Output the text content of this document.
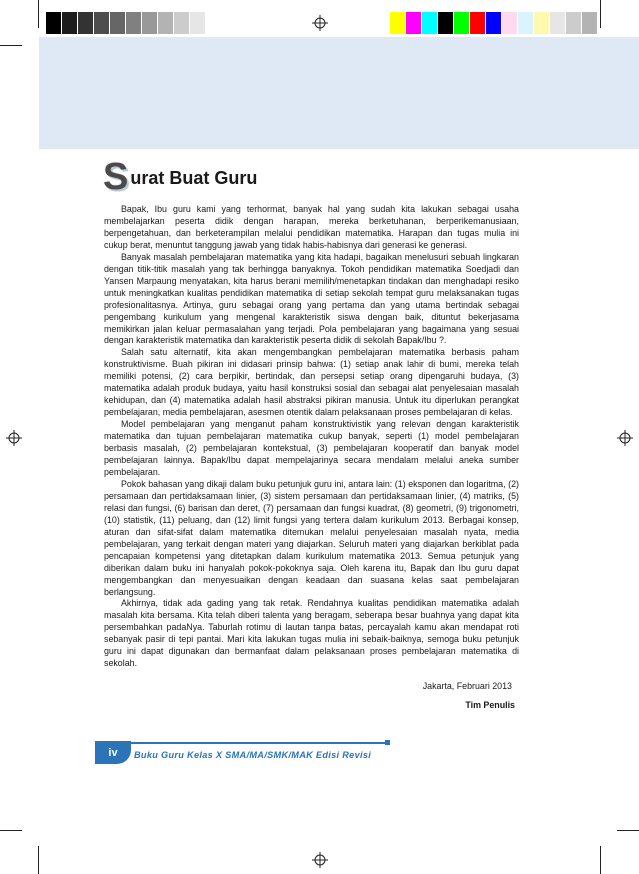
S urat Buat Guru

Bapak, Ibu guru kami yang terhormat, banyak hal yang sudah kita lakukan sebagai usaha membelajarkan peserta didik dengan harapan, mereka berketuhanan, berperikemanusiaan, berpengetahuan, dan berketerampilan melalui pendidikan matematika. Harapan dan tugas mulia ini cukup berat, menuntut tanggung jawab yang tidak habis-habisnya dari generasi ke generasi.

Banyak masalah pembelajaran matematika yang kita hadapi, bagaikan menelusuri sebuah lingkaran dengan titik-titik masalah yang tak berhingga banyaknya. Tokoh pendidikan matematika Soedjadi dan Yansen Marpaung menyatakan, kita harus berani memilih/menetapkan tindakan dan menghadapi resiko untuk meningkatkan kualitas pendidikan matematika di setiap sekolah tempat guru melaksanakan tugas profesionalitasnya. Artinya, guru sebagai orang yang pertama dan yang utama bertindak sebagai pengembang kurikulum yang mengenal karakteristik siswa dengan baik, dituntut bekerjasama memikirkan jalan keluar permasalahan yang terjadi. Pola pembelajaran yang bagaimana yang sesuai dengan karakteristik matematika dan karakteristik peserta didik di sekolah Bapak/Ibu ?.

Salah satu alternatif, kita akan mengembangkan pembelajaran matematika berbasis paham konstruktivisme. Buah pikiran ini didasari prinsip bahwa: (1) setiap anak lahir di bumi, mereka telah memiliki potensi, (2) cara berpikir, bertindak, dan persepsi setiap orang dipengaruhi budaya, (3) matematika adalah produk budaya, yaitu hasil konstruksi sosial dan sebagai alat penyelesaian masalah kehidupan, dan (4) matematika adalah hasil abstraksi pikiran manusia. Untuk itu diperlukan perangkat pembelajaran, media pembelajaran, asesmen otentik dalam pelaksanaan proses pembelajaran di kelas.

Model pembelajaran yang menganut paham konstruktivistik yang relevan dengan karakteristik matematika dan tujuan pembelajaran matematika cukup banyak, seperti (1) model pembelajaran berbasis masalah, (2) pembelajaran kontekstual, (3) pembelajaran kooperatif dan banyak model pembelajaran lainnya. Bapak/Ibu dapat mempelajarinya secara mendalam melalui aneka sumber pembelajaran.

Pokok bahasan yang dikaji dalam buku petunjuk guru ini, antara lain: (1) eksponen dan logaritma, (2) persamaan dan pertidaksamaan linier, (3) sistem persamaan dan pertidaksamaan linier, (4) matriks, (5) relasi dan fungsi, (6) barisan dan deret, (7) persamaan dan fungsi kuadrat, (8) geometri, (9) trigonometri, (10) statistik, (11) peluang, dan (12) limit fungsi yang tertera dalam kurikulum 2013. Berbagai konsep, aturan dan sifat-sifat dalam matematika ditemukan melalui penyelesaian masalah nyata, media pembelajaran, yang terkait dengan materi yang diajarkan. Seluruh materi yang diajarkan berkiblat pada pencapaian kompetensi yang ditetapkan dalam kurikulum matematika 2013. Semua petunjuk yang diberikan dalam buku ini hanyalah pokok-pokoknya saja. Oleh karena itu, Bapak dan Ibu guru dapat mengembangkan dan menyesuaikan dengan keadaan dan suasana kelas saat pembelajaran berlangsung.

Akhirnya, tidak ada gading yang tak retak. Rendahnya kualitas pendidikan matematika adalah masalah kita bersama. Kita telah diberi talenta yang beragam, seberapa besar buahnya yang dapat kita persembahkan padaNya. Taburlah rotimu di lautan tanpa batas, percayalah kamu akan mendapat roti sebanyak pasir di tepi pantai. Mari kita lakukan tugas mulia ini sebaik-baiknya, semoga buku petunjuk guru ini dapat digunakan dan bermanfaat dalam pelaksanaan proses pembelajaran matematika di sekolah.

Jakarta, Februari 2013
Tim Penulis
iv	Buku Guru Kelas X SMA/MA/SMK/MAK Edisi Revisi
